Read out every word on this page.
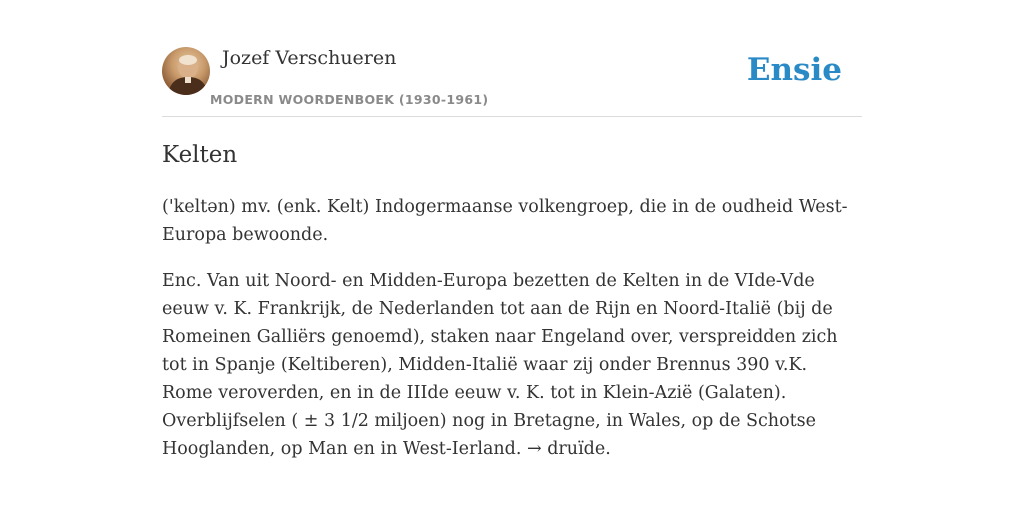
Jozef Verschueren
MODERN WOORDENBOEK (1930-1961)
Ensie
Kelten

('keltən) mv. (enk. Kelt) Indogermaanse volkengroep, die in de oudheid West-Europa bewoonde.

Enc. Van uit Noord- en Midden-Europa bezetten de Kelten in de VIde-Vde eeuw v. K. Frankrijk, de Nederlanden tot aan de Rijn en Noord-Italië (bij de Romeinen Galliërs genoemd), staken naar Engeland over, verspreidden zich tot in Spanje (Keltiberen), Midden-Italië waar zij onder Brennus 390 v.K. Rome veroverden, en in de IIIde eeuw v. K. tot in Klein-Azië (Galaten). Overblijfselen ( ± 3 1/2 miljoen) nog in Bretagne, in Wales, op de Schotse Hooglanden, op Man en in West-Ierland. → druïde.
